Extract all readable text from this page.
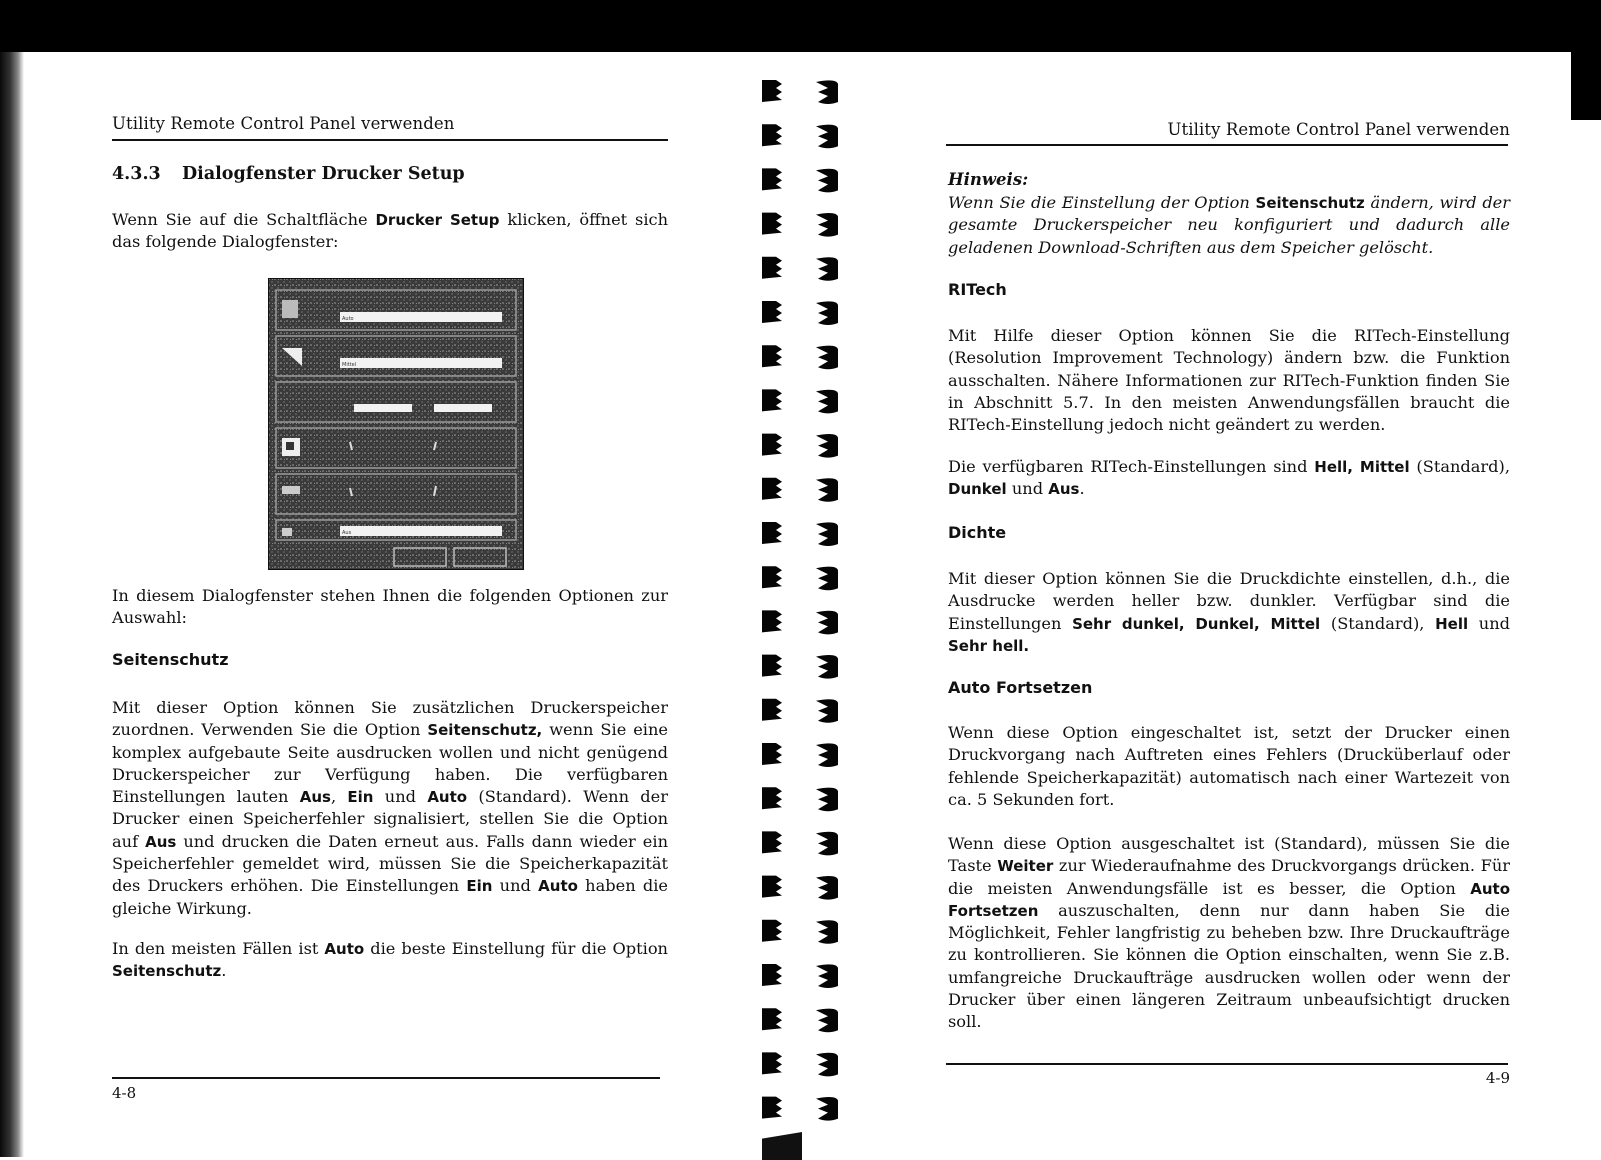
Utility Remote Control Panel verwenden
4.3.3 Dialogfenster Drucker Setup
Wenn Sie auf die Schaltfläche Drucker Setup klicken, öffnet sich das folgende Dialogfenster:
In diesem Dialogfenster stehen Ihnen die folgenden Optionen zur Auswahl:
Seitenschutz
Mit dieser Option können Sie zusätzlichen Druckerspeicher zuordnen. Verwenden Sie die Option Seitenschutz, wenn Sie eine komplex aufgebaute Seite ausdrucken wollen und nicht genügend Druckerspeicher zur Verfügung haben. Die verfügbaren Einstellungen lauten Aus, Ein und Auto (Standard). Wenn der Drucker einen Speicherfehler signalisiert, stellen Sie die Option auf Aus und drucken die Daten erneut aus. Falls dann wieder ein Speicherfehler gemeldet wird, müssen Sie die Speicherkapazität des Druckers erhöhen. Die Einstellungen Ein und Auto haben die gleiche Wirkung.
In den meisten Fällen ist Auto die beste Einstellung für die Option Seitenschutz.
4-8
Auto
Mittel
Aus
Utility Remote Control Panel verwenden
Hinweis:
Wenn Sie die Einstellung der Option Seitenschutz ändern, wird der gesamte Druckerspeicher neu konfiguriert und dadurch alle geladenen Download-Schriften aus dem Speicher gelöscht.
RITech
Mit Hilfe dieser Option können Sie die RITech-Einstellung (Resolution Improvement Technology) ändern bzw. die Funktion ausschalten. Nähere Informationen zur RITech-Funktion finden Sie in Abschnitt 5.7. In den meisten Anwendungsfällen braucht die RITech-Einstellung jedoch nicht geändert zu werden.
Die verfügbaren RITech-Einstellungen sind Hell, Mittel (Standard), Dunkel und Aus.
Dichte
Mit dieser Option können Sie die Druckdichte einstellen, d.h., die Ausdrucke werden heller bzw. dunkler. Verfügbar sind die Einstellungen Sehr dunkel, Dunkel, Mittel (Standard), Hell und Sehr hell.
Auto Fortsetzen
Wenn diese Option eingeschaltet ist, setzt der Drucker einen Druckvorgang nach Auftreten eines Fehlers (Drucküberlauf oder fehlende Speicherkapazität) automatisch nach einer Wartezeit von ca. 5 Sekunden fort.
Wenn diese Option ausgeschaltet ist (Standard), müssen Sie die Taste Weiter zur Wiederaufnahme des Druckvorgangs drücken. Für die meisten Anwendungsfälle ist es besser, die Option Auto Fortsetzen auszuschalten, denn nur dann haben Sie die Möglichkeit, Fehler langfristig zu beheben bzw. Ihre Druckaufträge zu kontrollieren. Sie können die Option einschalten, wenn Sie z.B. umfangreiche Druckaufträge ausdrucken wollen oder wenn der Drucker über einen längeren Zeitraum unbeaufsichtigt drucken soll.
4-9
